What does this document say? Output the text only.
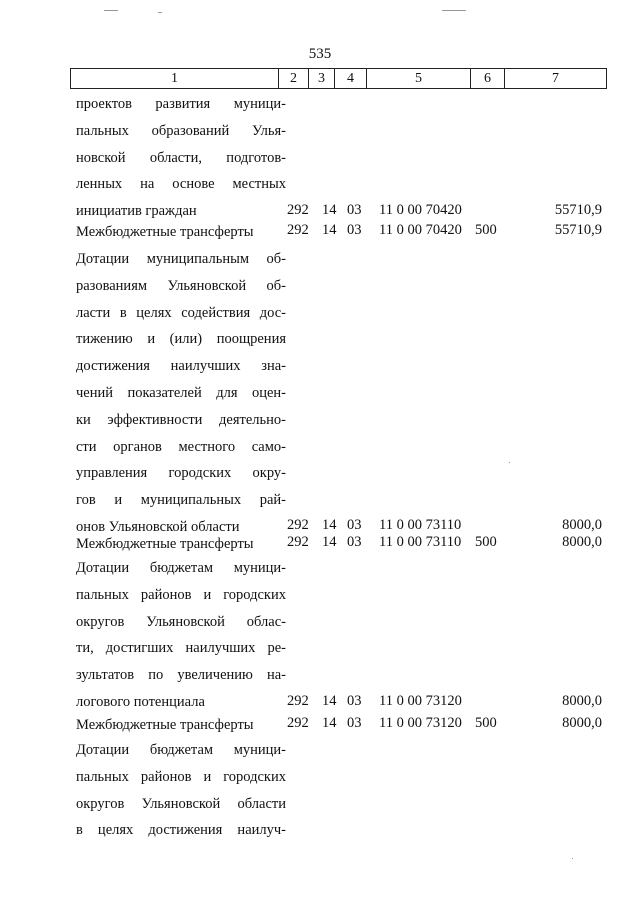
535
1	2	3	4	5	6	7
проектов развития муници-
пальных образований Улья-
новской области, подготов-
ленных на основе местных
инициатив граждан	292 14 03 11 0 00 70420	55710,9
Межбюджетные трансферты	292 14 03 11 0 00 70420 500	55710,9
Дотации муниципальным об-
разованиям Ульяновской об-
ласти в целях содействия дос-
тижению и (или) поощрения
достижения наилучших зна-
чений показателей для оцен-
ки эффективности деятельно-
сти органов местного само-
управления городских окру-
гов и муниципальных рай-
онов Ульяновской области	292 14 03 11 0 00 73110	8000,0
Межбюджетные трансферты	292 14 03 11 0 00 73110 500	8000,0
Дотации бюджетам муници-
пальных районов и городских
округов Ульяновской облас-
ти, достигших наилучших ре-
зультатов по увеличению на-
логового потенциала	292 14 03 11 0 00 73120	8000,0
Межбюджетные трансферты	292 14 03 11 0 00 73120 500	8000,0
Дотации бюджетам муници-
пальных районов и городских
округов Ульяновской области
в целях достижения наилуч-
